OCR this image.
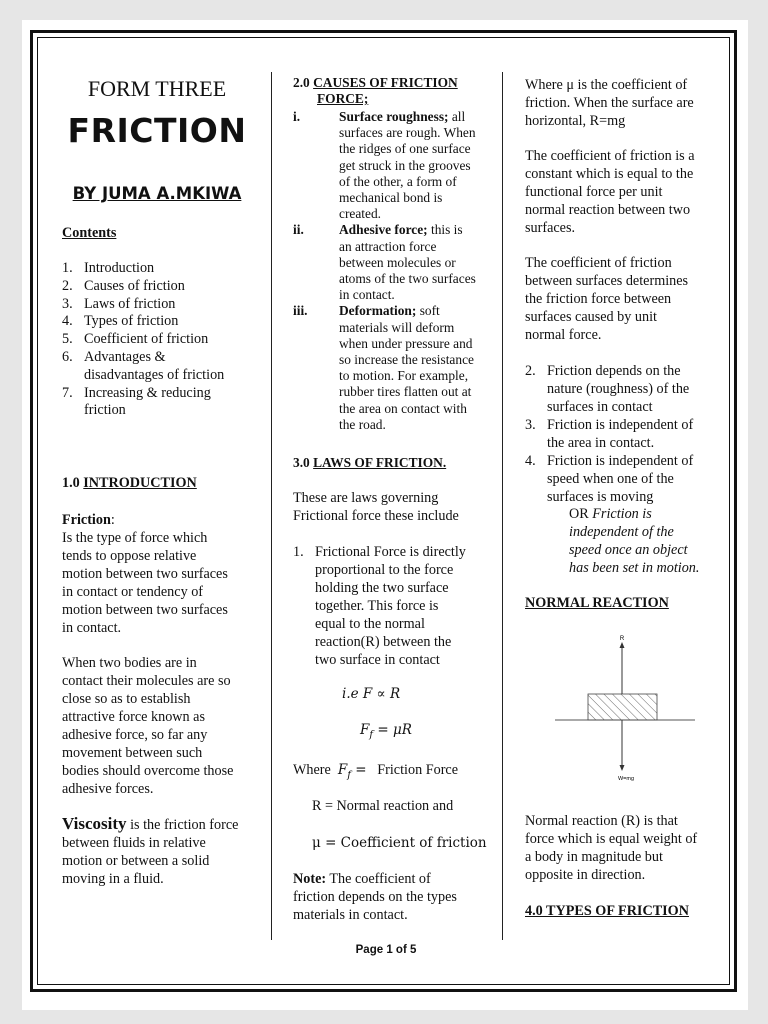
FORM THREE
FRICTION
BY JUMA A.MKIWA
Contents
1. Introduction
2. Causes of friction
3. Laws of friction
4. Types of friction
5. Coefficient of friction
6. Advantages &
disadvantages of friction
7. Increasing & reducing
friction
1.0 INTRODUCTION
Friction:
Is the type of force which
tends to oppose relative
motion between two surfaces
in contact or tendency of
motion between two surfaces
in contact.
When two bodies are in
contact their molecules are so
close so as to establish
attractive force known as
adhesive force, so far any
movement between such
bodies should overcome those
adhesive forces.
Viscosity is the friction force
between fluids in relative
motion or between a solid
moving in a fluid.
2.0 CAUSES OF FRICTION
FORCE;
i.	Surface roughness; all
surfaces are rough. When
the ridges of one surface
get struck in the grooves
of the other, a form of
mechanical bond is
created.
ii.	Adhesive force; this is
an attraction force
between molecules or
atoms of the two surfaces
in contact.
iii. Deformation; soft
materials will deform
when under pressure and
so increase the resistance
to motion. For example,
rubber tires flatten out at
the area on contact with
the road.
3.0 LAWS OF FRICTION.
These are laws governing
Frictional force these include
1. Frictional Force is directly
proportional to the force
holding the two surface
together. This force is
equal to the normal
reaction(R) between the
two surface in contact
i.e F ∝ R
$F_f = \mu R$
Where $F_f$ = Friction Force
R = Normal reaction and
μ = Coefficient of friction
Note: The coefficient of
friction depends on the types
materials in contact.
Page 1 of 5
Where μ is the coefficient of
friction. When the surface are
horizontal, R=mg
The coefficient of friction is a
constant which is equal to the
functional force per unit
normal reaction between two
surfaces.
The coefficient of friction
between surfaces determines
the friction force between
surfaces caused by unit
normal force.
2. Friction depends on the
nature (roughness) of the
surfaces in contact
3. Friction is independent of
the area in contact.
4. Friction is independent of
speed when one of the
surfaces is moving
OR Friction is
independent of the
speed once an object
has been set in motion.
NORMAL REACTION
R
W=mg
Normal reaction (R) is that
force which is equal weight of
a body in magnitude but
opposite in direction.
4.0 TYPES OF FRICTION
